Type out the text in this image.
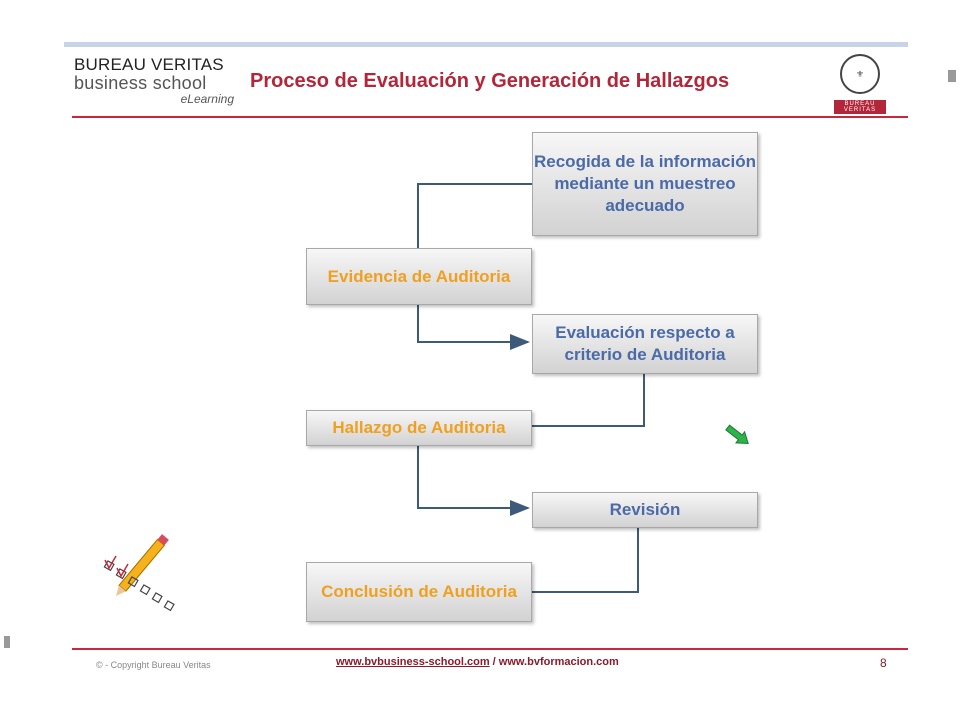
BUREAU VERITAS
business school
eLearning
Proceso de Evaluación y Generación de Hallazgos	⚜
BUREAU VERITAS
Recogida de la información mediante un muestreo adecuado
Evidencia de Auditoria
Evaluación respecto a criterio de Auditoria
Hallazgo de Auditoria
Revisión
Conclusión de Auditoria
© - Copyright Bureau Veritas	www.bvbusiness-school.com / www.bvformacion.com	8
